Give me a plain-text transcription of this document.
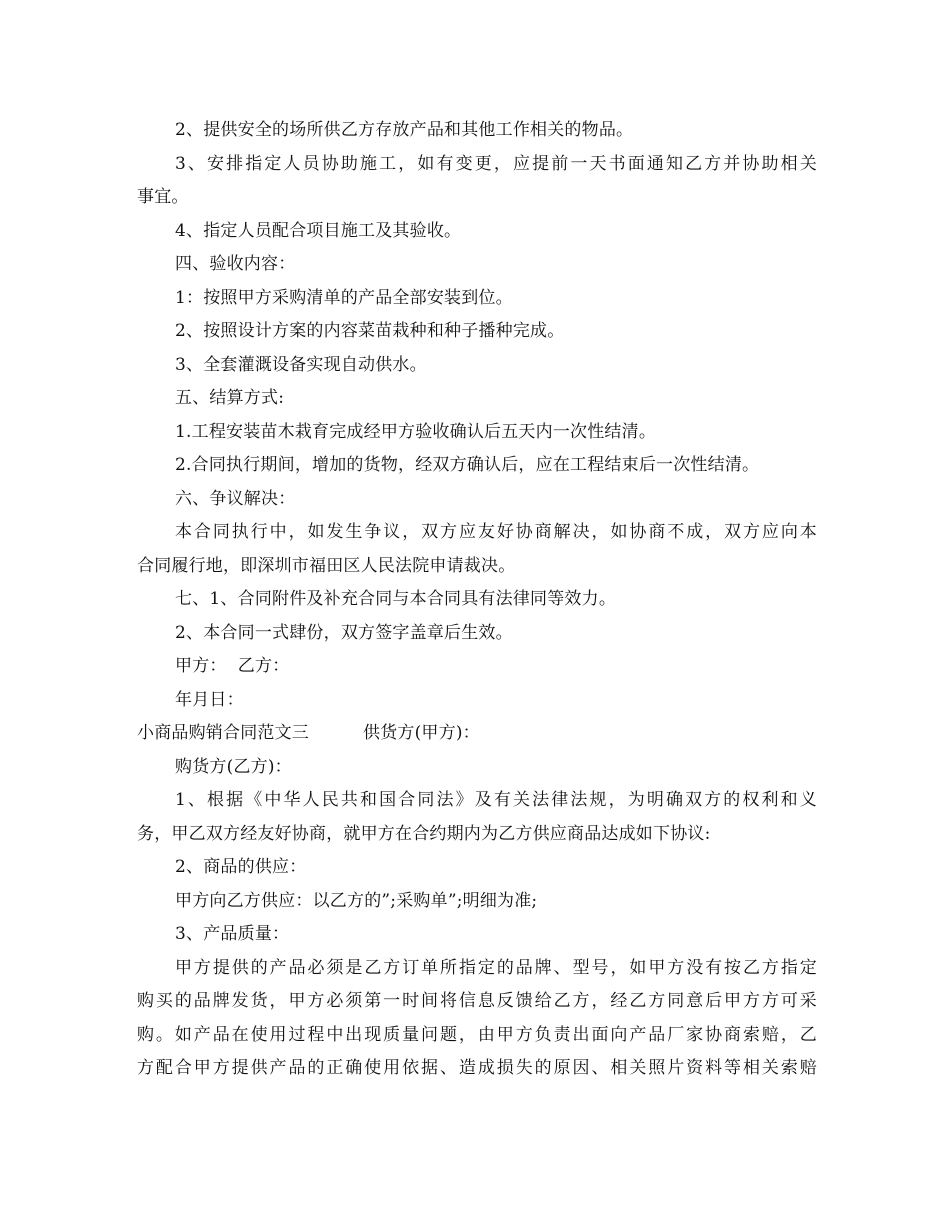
2、提供安全的场所供乙方存放产品和其他工作相关的物品。
3、安排指定人员协助施工，如有变更，应提前一天书面通知乙方并协助相关
事宜。
4、指定人员配合项目施工及其验收。
四、验收内容：
1：按照甲方采购清单的产品全部安装到位。
2、按照设计方案的内容菜苗栽种和种子播种完成。
3、全套灌溉设备实现自动供水。
五、结算方式:
1.工程安装苗木栽育完成经甲方验收确认后五天内一次性结清。
2.合同执行期间，增加的货物，经双方确认后，应在工程结束后一次性结清。
六、争议解决：
本合同执行中，如发生争议，双方应友好协商解决，如协商不成，双方应向本
合同履行地，即深圳市福田区人民法院申请裁决。
七、1、合同附件及补充合同与本合同具有法律同等效力。
2、本合同一式肆份，双方签字盖章后生效。
甲方：  乙方：
年月日：
小商品购销合同范文三	供货方(甲方)：
购货方(乙方)：
1、根据《中华人民共和国合同法》及有关法律法规，为明确双方的权利和义
务，甲乙双方经友好协商，就甲方在合约期内为乙方供应商品达成如下协议:
2、商品的供应：
甲方向乙方供应：以乙方的”;采购单”;明细为准;
3、产品质量：
甲方提供的产品必须是乙方订单所指定的品牌、型号，如甲方没有按乙方指定
购买的品牌发货，甲方必须第一时间将信息反馈给乙方，经乙方同意后甲方方可采
购。如产品在使用过程中出现质量问题，由甲方负责出面向产品厂家协商索赔，乙
方配合甲方提供产品的正确使用依据、造成损失的原因、相关照片资料等相关索赔
